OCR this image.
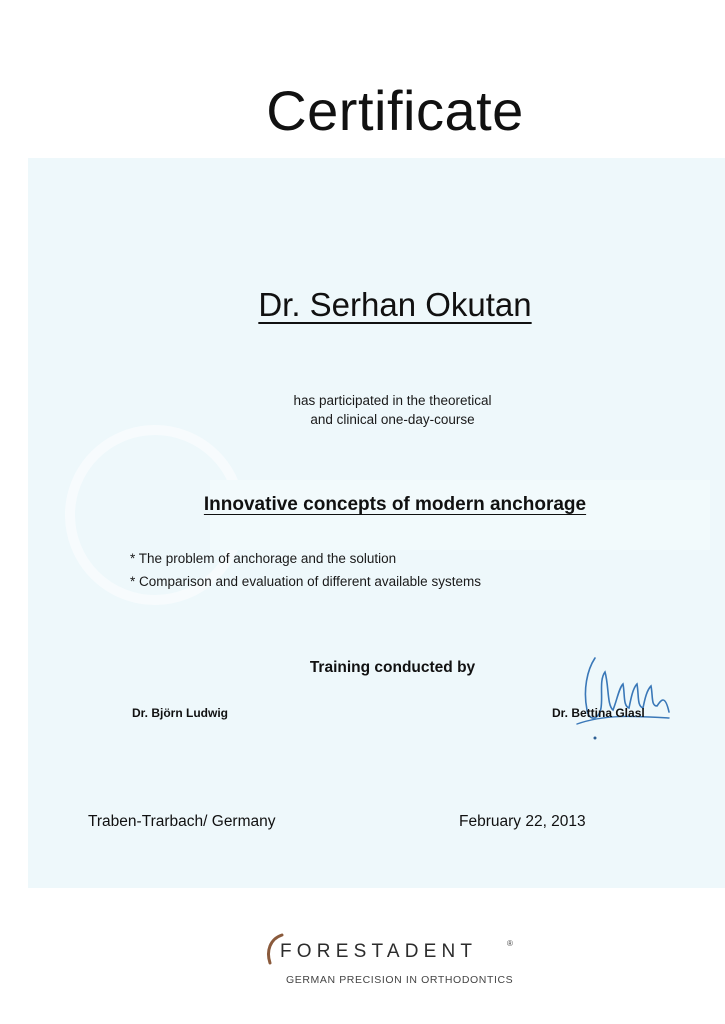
Certificate
Dr. Serhan Okutan
has participated in the theoretical
and clinical one-day-course
Innovative concepts of modern anchorage
* The problem of anchorage and the solution
* Comparison and evaluation of different available systems
Training conducted by
Dr. Björn Ludwig	Dr. Bettina Glasl
Traben-Trarbach/ Germany	February 22, 2013
FORESTADENT	®
GERMAN PRECISION IN ORTHODONTICS
